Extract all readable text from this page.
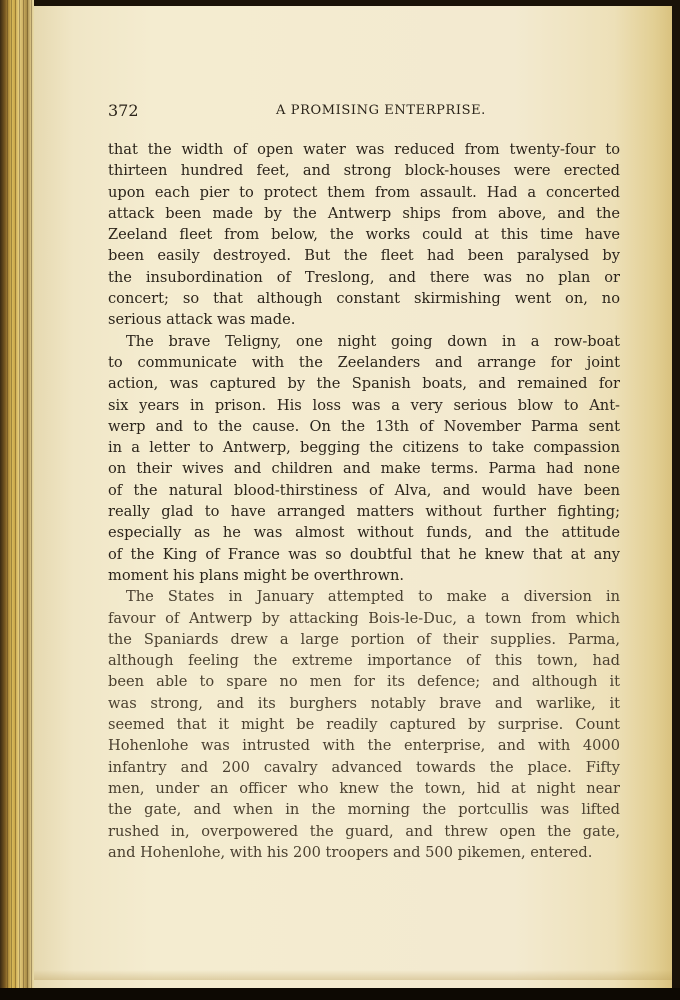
372	A PROMISING ENTERPRISE.
that the width of open water was reduced from twenty-four to
thirteen hundred feet, and strong block-houses were erected
upon each pier to protect them from assault. Had a concerted
attack been made by the Antwerp ships from above, and the
Zeeland fleet from below, the works could at this time have
been easily destroyed. But the fleet had been paralysed by
the insubordination of Treslong, and there was no plan or
concert; so that although constant skirmishing went on, no
serious attack was made.
The brave Teligny, one night going down in a row-boat
to communicate with the Zeelanders and arrange for joint
action, was captured by the Spanish boats, and remained for
six years in prison. His loss was a very serious blow to Ant-
werp and to the cause. On the 13th of November Parma sent
in a letter to Antwerp, begging the citizens to take compassion
on their wives and children and make terms. Parma had none
of the natural blood-thirstiness of Alva, and would have been
really glad to have arranged matters without further fighting;
especially as he was almost without funds, and the attitude
of the King of France was so doubtful that he knew that at any
moment his plans might be overthrown.
The States in January attempted to make a diversion in
favour of Antwerp by attacking Bois-le-Duc, a town from which
the Spaniards drew a large portion of their supplies. Parma,
although feeling the extreme importance of this town, had
been able to spare no men for its defence; and although it
was strong, and its burghers notably brave and warlike, it
seemed that it might be readily captured by surprise. Count
Hohenlohe was intrusted with the enterprise, and with 4000
infantry and 200 cavalry advanced towards the place. Fifty
men, under an officer who knew the town, hid at night near
the gate, and when in the morning the portcullis was lifted
rushed in, overpowered the guard, and threw open the gate,
and Hohenlohe, with his 200 troopers and 500 pikemen, entered.
